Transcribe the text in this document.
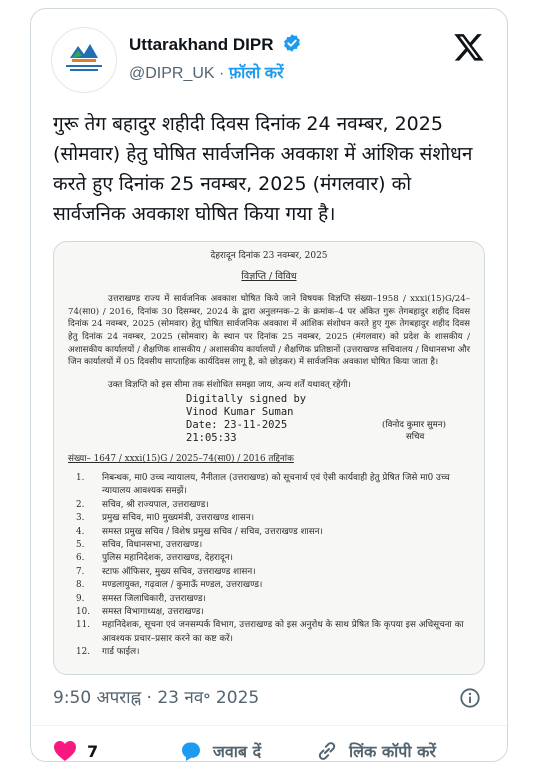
Uttarakhand DIPR
@DIPR_UK · फ़ॉलो करें
गुरू तेग बहादुर शहीदी दिवस दिनांक 24 नवम्बर, 2025 (सोमवार) हेतु घोषित सार्वजनिक अवकाश में आंशिक संशोधन करते हुए दिनांक 25 नवम्बर, 2025 (मंगलवार) को सार्वजनिक अवकाश घोषित किया गया है।
देहरादून दिनांक 23 नवम्बर, 2025
विज्ञप्ति / विविध
उत्तराखण्ड राज्य में सार्वजनिक अवकाश घोषित किये जाने विषयक विज्ञप्ति संख्या–1958 / xxxi(15)G/24–74(सा0) / 2016, दिनांक 30 दिसम्बर, 2024 के द्वारा अनुलग्नक–2 के क्रमांक–4 पर अंकित गुरू तेगबहादुर शहीद दिवस दिनांक 24 नवम्बर, 2025 (सोमवार) हेतु घोषित सार्वजनिक अवकाश में आंशिक संशोधन करते हुए गुरू तेगबहादुर शहीद दिवस हेतु दिनांक 24 नवम्बर, 2025 (सोमवार) के स्थान पर दिनांक 25 नवम्बर, 2025 (मंगलवार) को प्रदेश के शासकीय / अशासकीय कार्यालयों / शैक्षणिक शासकीय / अशासकीय कार्यालयों / शैक्षणिक प्रतिष्ठानों (उत्तराखण्ड सचिवालय / विधानसभा और जिन कार्यालयों में 05 दिवसीय साप्ताहिक कार्यदिवस लागू है, को छोड़कर) में सार्वजनिक अवकाश घोषित किया जाता है।
उक्त विज्ञप्ति को इस सीमा तक संशोधित समझा जाय, अन्य शर्तें यथावत् रहेंगी।
Digitally signed by
Vinod Kumar Suman
Date: 23-11-2025
21:05:33
(विनोद कुमार सुमन)
सचिव
संख्या– 1647 / xxxi(15)G / 2025–74(सा0) / 2016 तद्दिनांक
1. निबन्धक, मा0 उच्च न्यायालय, नैनीताल (उत्तराखण्ड) को सूचनार्थ एवं ऐसी कार्यवाही हेतु प्रेषित जिसे मा0 उच्च न्यायालय आवश्यक समझें।
2. सचिव, श्री राज्यपाल, उत्तराखण्ड।
3. प्रमुख सचिव, मा0 मुख्यमंत्री, उत्तराखण्ड शासन।
4. समस्त प्रमुख सचिव / विशेष प्रमुख सचिव / सचिव, उत्तराखण्ड शासन।
5. सचिव, विधानसभा, उत्तराखण्ड।
6. पुलिस महानिदेशक, उत्तराखण्ड, देहरादून।
7. स्टाफ ऑफिसर, मुख्य सचिव, उत्तराखण्ड शासन।
8. मण्डलायुक्त, गढ़वाल / कुमाऊँ मण्डल, उत्तराखण्ड।
9. समस्त जिलाधिकारी, उत्तराखण्ड।
10. समस्त विभागाध्यक्ष, उत्तराखण्ड।
11. महानिदेशक, सूचना एवं जनसम्पर्क विभाग, उत्तराखण्ड को इस अनुरोध के साथ प्रेषित कि कृपया इस अधिसूचना का आवश्यक प्रचार–प्रसार करने का कष्ट करें।
12. गार्ड फाईल।
9:50 अपराह्न · 23 नव॰ 2025
7	जवाब दें	लिंक कॉपी करें
